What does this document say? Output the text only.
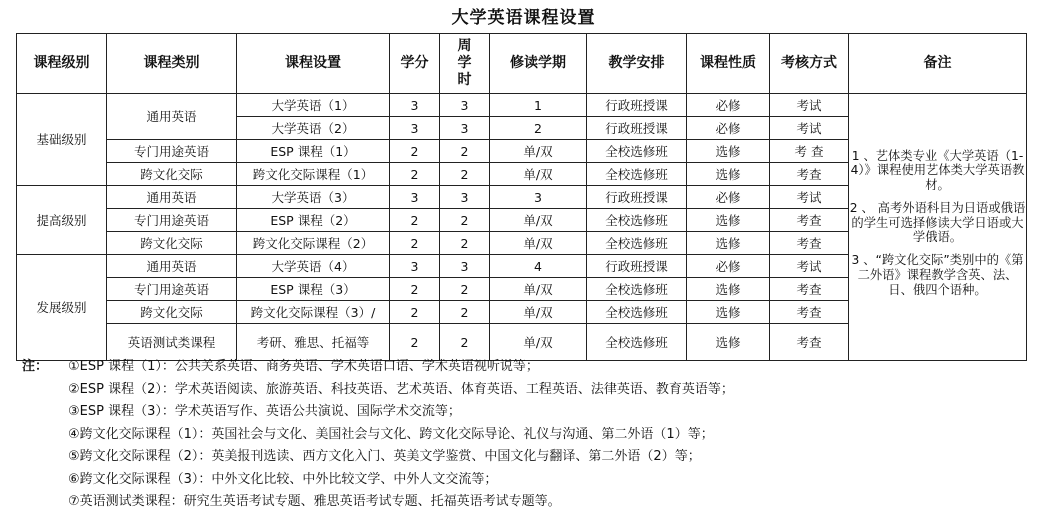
大学英语课程设置
课程级别	课程类别	课程设置	学分	周
学
时	修读学期	教学安排	课程性质	考核方式	备注
基础级别	通用英语	大学英语（1）	3	3	1	行政班授课	必修	考试	1 、艺体类专业《大学英语（1-4）》课程使用艺体类大学英语教材。

2 、 高考外语科目为日语或俄语的学生可选择修读大学日语或大学俄语。

3 、“跨文化交际”类别中的《第二外语》课程教学含英、法、日、俄四个语种。

		大学英语（2）	3	3	2	行政班授课	必修	考试	
	专门用途英语	ESP 课程（1）	2	2	单/双	全校选修班	选修	考 查	
	跨文化交际	跨文化交际课程（1）	2	2	单/双	全校选修班	选修	考查	
提高级别	通用英语	大学英语（3）	3	3	3	行政班授课	必修	考试	
	专门用途英语	ESP 课程（2）	2	2	单/双	全校选修班	选修	考查	
	跨文化交际	跨文化交际课程（2）	2	2	单/双	全校选修班	选修	考查	
发展级别	通用英语	大学英语（4）	3	3	4	行政班授课	必修	考试	
	专门用途英语	ESP 课程（3）	2	2	单/双	全校选修班	选修	考查	
	跨文化交际	跨文化交际课程（3）/	2	2	单/双	全校选修班	选修	考查	
	英语测试类课程	考研、雅思、托福等	2	2	单/双	全校选修班	选修	考查	
注： ①ESP 课程（1）：公共关系英语、商务英语、学术英语口语、学术英语视听说等；
②ESP 课程（2）：学术英语阅读、旅游英语、科技英语、艺术英语、体育英语、工程英语、法律英语、教育英语等；
③ESP 课程（3）：学术英语写作、英语公共演说、国际学术交流等；
④跨文化交际课程（1）：英国社会与文化、美国社会与文化、跨文化交际导论、礼仪与沟通、第二外语（1）等；
⑤跨文化交际课程（2）：英美报刊选读、西方文化入门、英美文学鉴赏、中国文化与翻译、第二外语（2）等；
⑥跨文化交际课程（3）：中外文化比较、中外比较文学、中外人文交流等；
⑦英语测试类课程：研究生英语考试专题、雅思英语考试专题、托福英语考试专题等。
